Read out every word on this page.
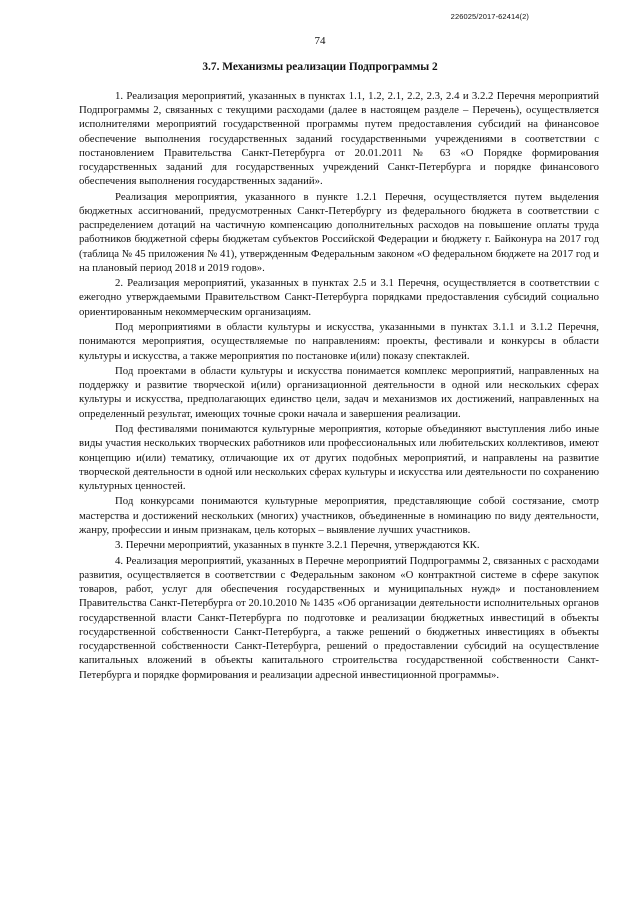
226025/2017-62414(2)
74
3.7. Механизмы реализации Подпрограммы 2

1. Реализация мероприятий, указанных в пунктах 1.1, 1.2, 2.1, 2.2, 2.3, 2.4 и 3.2.2 Перечня мероприятий Подпрограммы 2, связанных с текущими расходами (далее в настоящем разделе – Перечень), осуществляется исполнителями мероприятий государственной программы путем предоставления субсидий на финансовое обеспечение выполнения государственных заданий государственными учреждениями в соответствии с постановлением Правительства Санкт-Петербурга от 20.01.2011 № 63 «О Порядке формирования государственных заданий для государственных учреждений Санкт-Петербурга и порядке финансового обеспечения выполнения государственных заданий».

Реализация мероприятия, указанного в пункте 1.2.1 Перечня, осуществляется путем выделения бюджетных ассигнований, предусмотренных Санкт-Петербургу из федерального бюджета в соответствии с распределением дотаций на частичную компенсацию дополнительных расходов на повышение оплаты труда работников бюджетной сферы бюджетам субъектов Российской Федерации и бюджету г. Байконура на 2017 год (таблица № 45 приложения № 41), утвержденным Федеральным законом «О федеральном бюджете на 2017 год и на плановый период 2018 и 2019 годов».

2. Реализация мероприятий, указанных в пунктах 2.5 и 3.1 Перечня, осуществляется в соответствии с ежегодно утверждаемыми Правительством Санкт-Петербурга порядками предоставления субсидий социально ориентированным некоммерческим организациям.

Под мероприятиями в области культуры и искусства, указанными в пунктах 3.1.1 и 3.1.2 Перечня, понимаются мероприятия, осуществляемые по направлениям: проекты, фестивали и конкурсы в области культуры и искусства, а также мероприятия по постановке и(или) показу спектаклей.

Под проектами в области культуры и искусства понимается комплекс мероприятий, направленных на поддержку и развитие творческой и(или) организационной деятельности в одной или нескольких сферах культуры и искусства, предполагающих единство цели, задач и механизмов их достижений, направленных на определенный результат, имеющих точные сроки начала и завершения реализации.

Под фестивалями понимаются культурные мероприятия, которые объединяют выступления либо иные виды участия нескольких творческих работников или профессиональных или любительских коллективов, имеют концепцию и(или) тематику, отличающие их от других подобных мероприятий, и направлены на развитие творческой деятельности в одной или нескольких сферах культуры и искусства или деятельности по сохранению культурных ценностей.

Под конкурсами понимаются культурные мероприятия, представляющие собой состязание, смотр мастерства и достижений нескольких (многих) участников, объединенные в номинацию по виду деятельности, жанру, профессии и иным признакам, цель которых – выявление лучших участников.

3. Перечни мероприятий, указанных в пункте 3.2.1 Перечня, утверждаются КК.

4. Реализация мероприятий, указанных в Перечне мероприятий Подпрограммы 2, связанных с расходами развития, осуществляется в соответствии с Федеральным законом «О контрактной системе в сфере закупок товаров, работ, услуг для обеспечения государственных и муниципальных нужд» и постановлением Правительства Санкт-Петербурга от 20.10.2010 № 1435 «Об организации деятельности исполнительных органов государственной власти Санкт-Петербурга по подготовке и реализации бюджетных инвестиций в объекты государственной собственности Санкт-Петербурга, а также решений о бюджетных инвестициях в объекты государственной собственности Санкт-Петербурга, решений о предоставлении субсидий на осуществление капитальных вложений в объекты капитального строительства государственной собственности Санкт-Петербурга и порядке формирования и реализации адресной инвестиционной программы».
